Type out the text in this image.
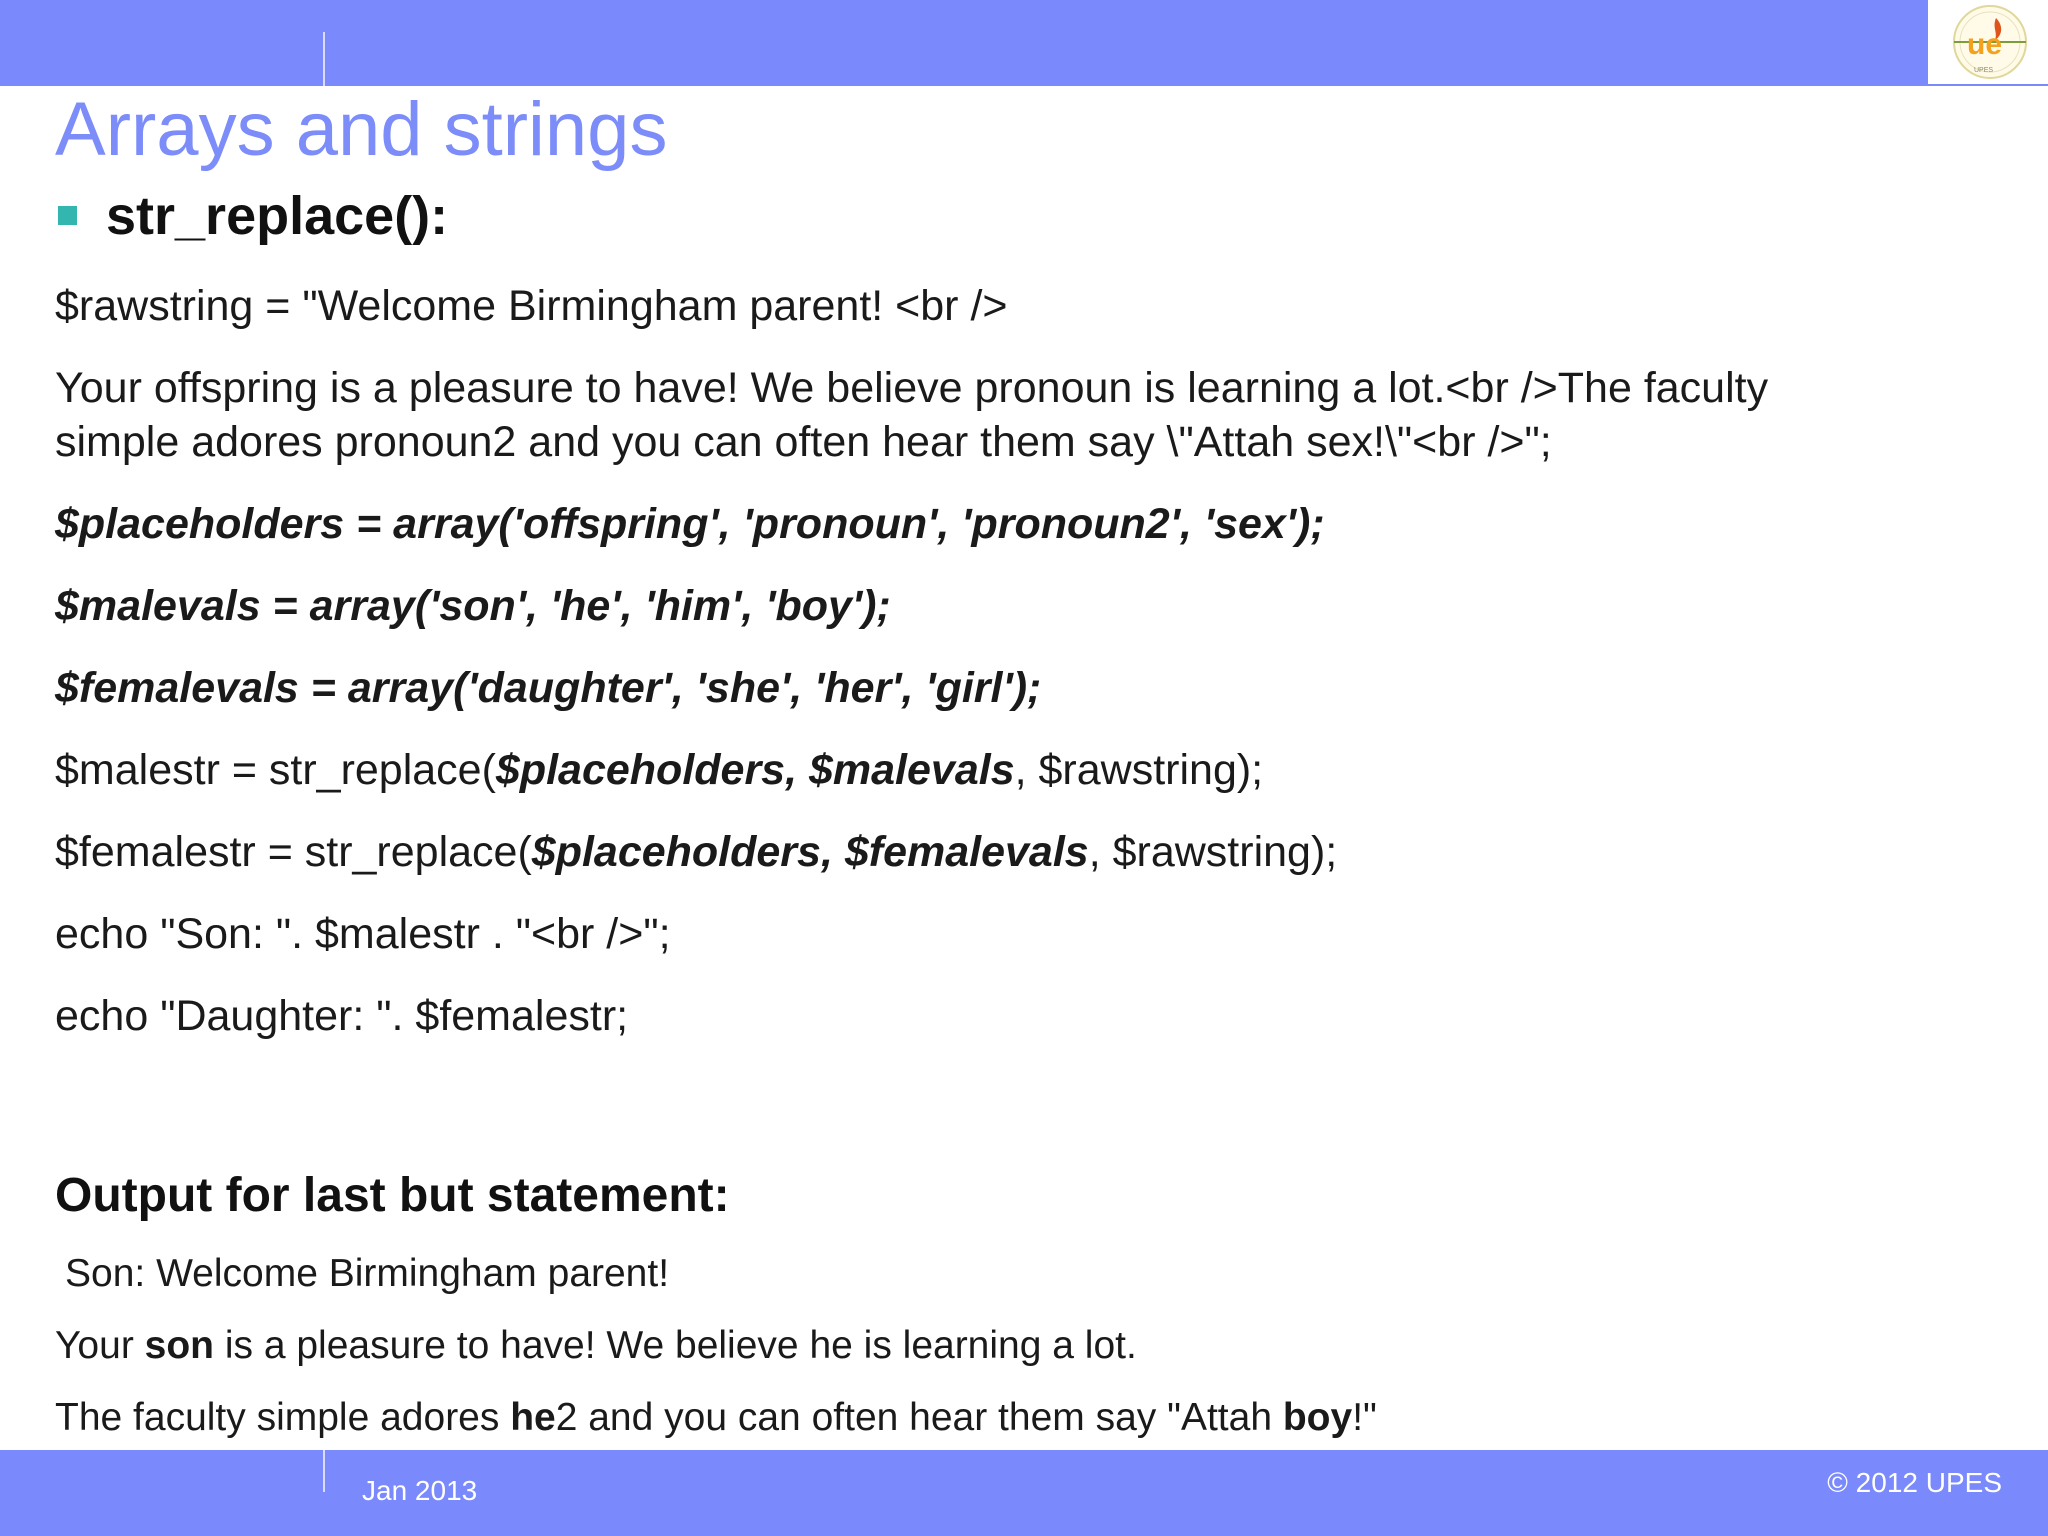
ue
UPES
Arrays and strings
str_replace():
$rawstring = "Welcome Birmingham parent! <br />
Your offspring is a pleasure to have! We believe pronoun is learning a lot.<br />The faculty
simple adores pronoun2 and you can often hear them say \"Attah sex!\"<br />";
$placeholders = array('offspring', 'pronoun', 'pronoun2', 'sex');
$malevals = array('son', 'he', 'him', 'boy');
$femalevals = array('daughter', 'she', 'her', 'girl');
$malestr = str_replace($placeholders, $malevals, $rawstring);
$femalestr = str_replace($placeholders, $femalevals, $rawstring);
echo "Son: ". $malestr . "<br />";
echo "Daughter: ". $femalestr;
Output for last but statement:
Son: Welcome Birmingham parent!
Your son is a pleasure to have! We believe he is learning a lot.
The faculty simple adores he2 and you can often hear them say "Attah boy!"
Jan 2013	© 2012 UPES
